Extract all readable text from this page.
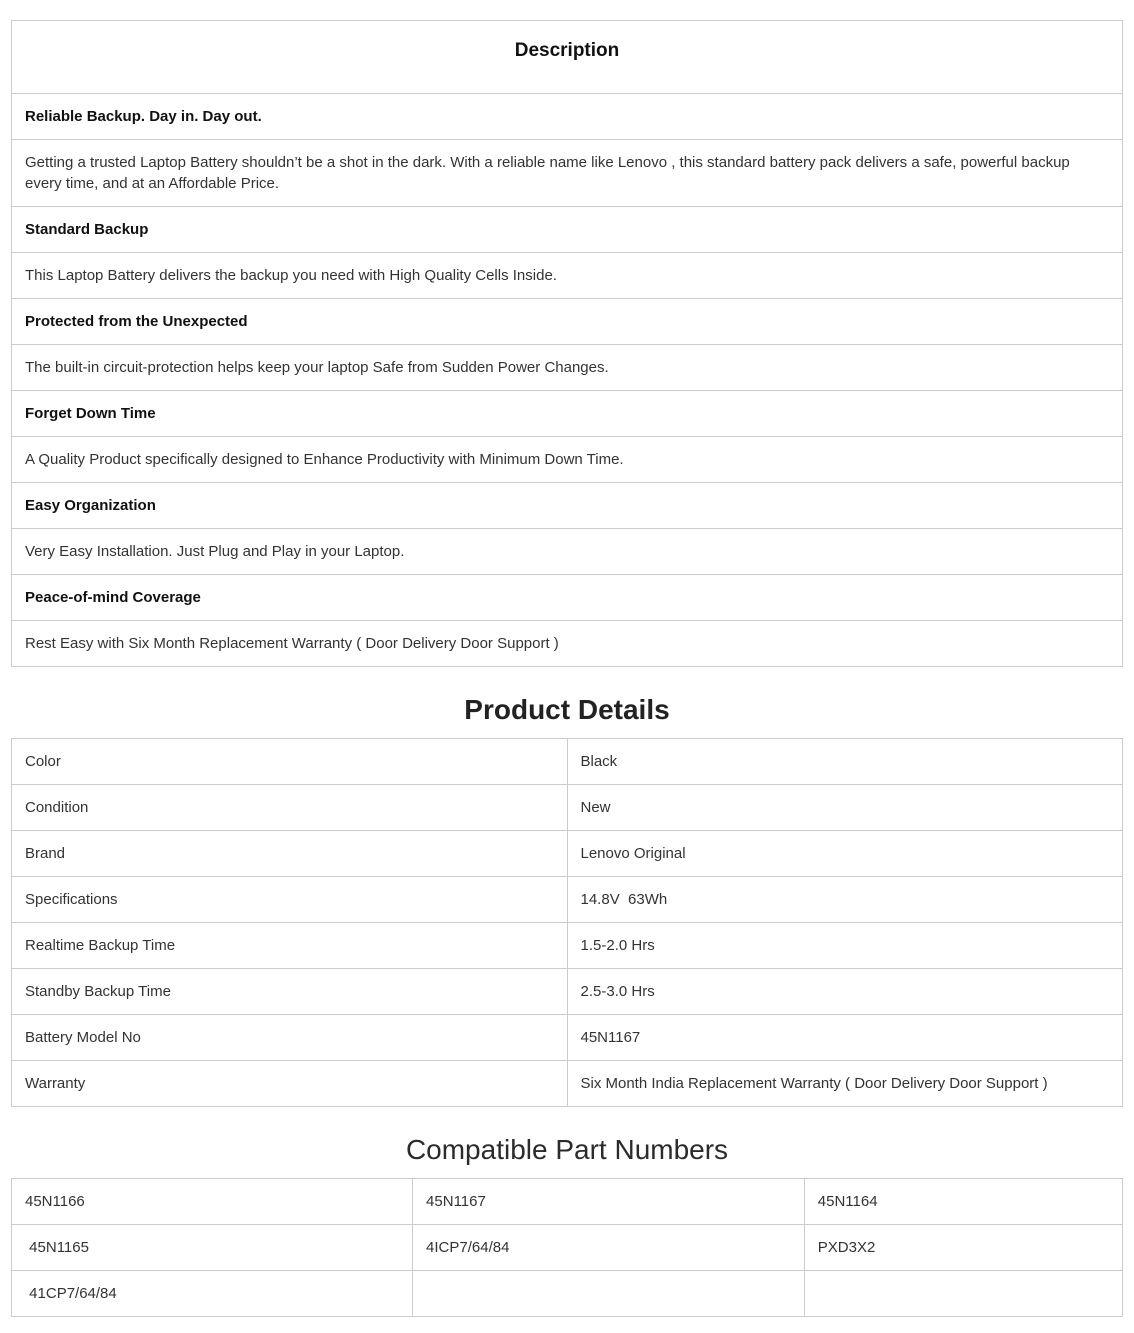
Description
Reliable Backup. Day in. Day out.
Getting a trusted Laptop Battery shouldn’t be a shot in the dark. With a reliable name like Lenovo , this standard battery pack delivers a safe, powerful backup every time, and at an Affordable Price.
Standard Backup
This Laptop Battery delivers the backup you need with High Quality Cells Inside.
Protected from the Unexpected
The built-in circuit-protection helps keep your laptop Safe from Sudden Power Changes.
Forget Down Time
A Quality Product specifically designed to Enhance Productivity with Minimum Down Time.
Easy Organization
Very Easy Installation. Just Plug and Play in your Laptop.
Peace-of-mind Coverage
Rest Easy with Six Month Replacement Warranty ( Door Delivery Door Support )
Product Details
Color	Black
Condition	New
Brand	Lenovo Original
Specifications	14.8V  63Wh
Realtime Backup Time	1.5-2.0 Hrs
Standby Backup Time	2.5-3.0 Hrs
Battery Model No	45N1167
Warranty	Six Month India Replacement Warranty ( Door Delivery Door Support )
Compatible Part Numbers
45N1166	45N1167	45N1164
45N1165	4ICP7/64/84	PXD3X2
41CP7/64/84		
